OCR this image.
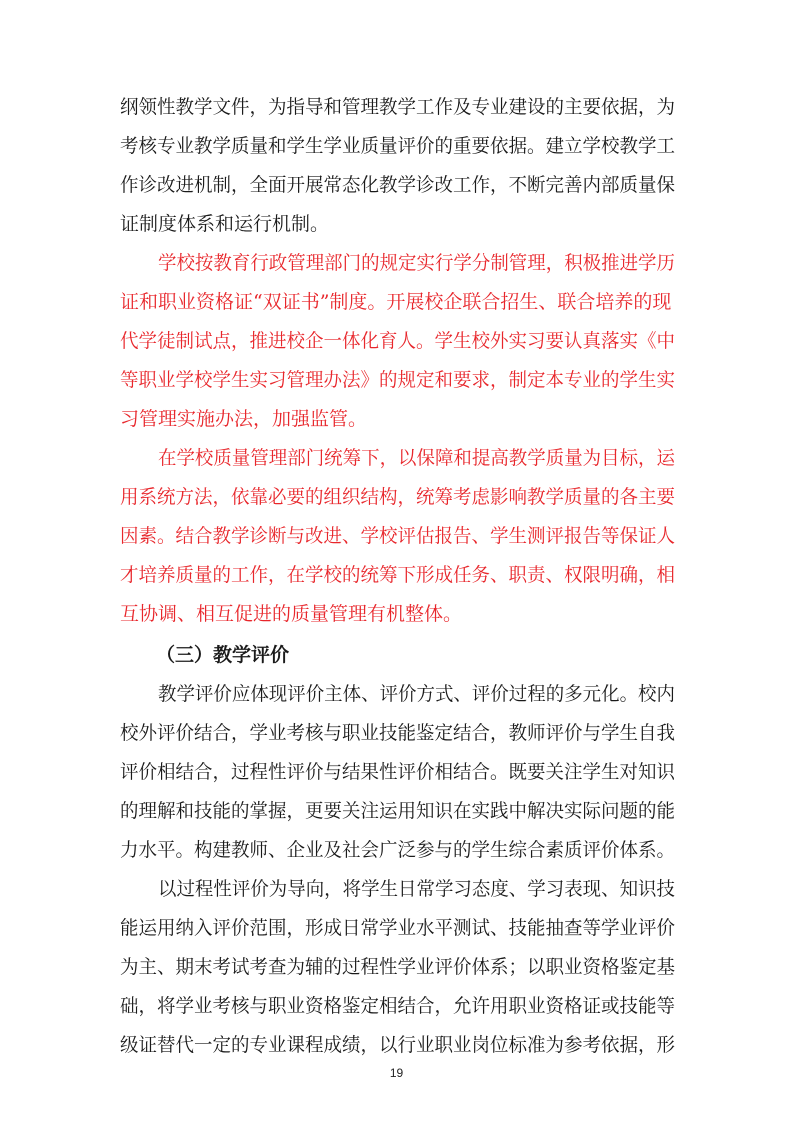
纲领性教学文件，为指导和管理教学工作及专业建设的主要依据，为
考核专业教学质量和学生学业质量评价的重要依据。建立学校教学工
作诊改进机制，全面开展常态化教学诊改工作，不断完善内部质量保
证制度体系和运行机制。
学校按教育行政管理部门的规定实行学分制管理，积极推进学历
证和职业资格证“双证书”制度。开展校企联合招生、联合培养的现
代学徒制试点，推进校企一体化育人。学生校外实习要认真落实《中
等职业学校学生实习管理办法》的规定和要求，制定本专业的学生实
习管理实施办法，加强监管。
在学校质量管理部门统筹下，以保障和提高教学质量为目标，运
用系统方法，依靠必要的组织结构，统筹考虑影响教学质量的各主要
因素。结合教学诊断与改进、学校评估报告、学生测评报告等保证人
才培养质量的工作，在学校的统筹下形成任务、职责、权限明确，相
互协调、相互促进的质量管理有机整体。
（三）教学评价
教学评价应体现评价主体、评价方式、评价过程的多元化。校内
校外评价结合，学业考核与职业技能鉴定结合，教师评价与学生自我
评价相结合，过程性评价与结果性评价相结合。既要关注学生对知识
的理解和技能的掌握，更要关注运用知识在实践中解决实际问题的能
力水平。构建教师、企业及社会广泛参与的学生综合素质评价体系。
以过程性评价为导向，将学生日常学习态度、学习表现、知识技
能运用纳入评价范围，形成日常学业水平测试、技能抽查等学业评价
为主、期末考试考查为辅的过程性学业评价体系；以职业资格鉴定基
础，将学业考核与职业资格鉴定相结合，允许用职业资格证或技能等
级证替代一定的专业课程成绩，以行业职业岗位标准为参考依据，形
19
